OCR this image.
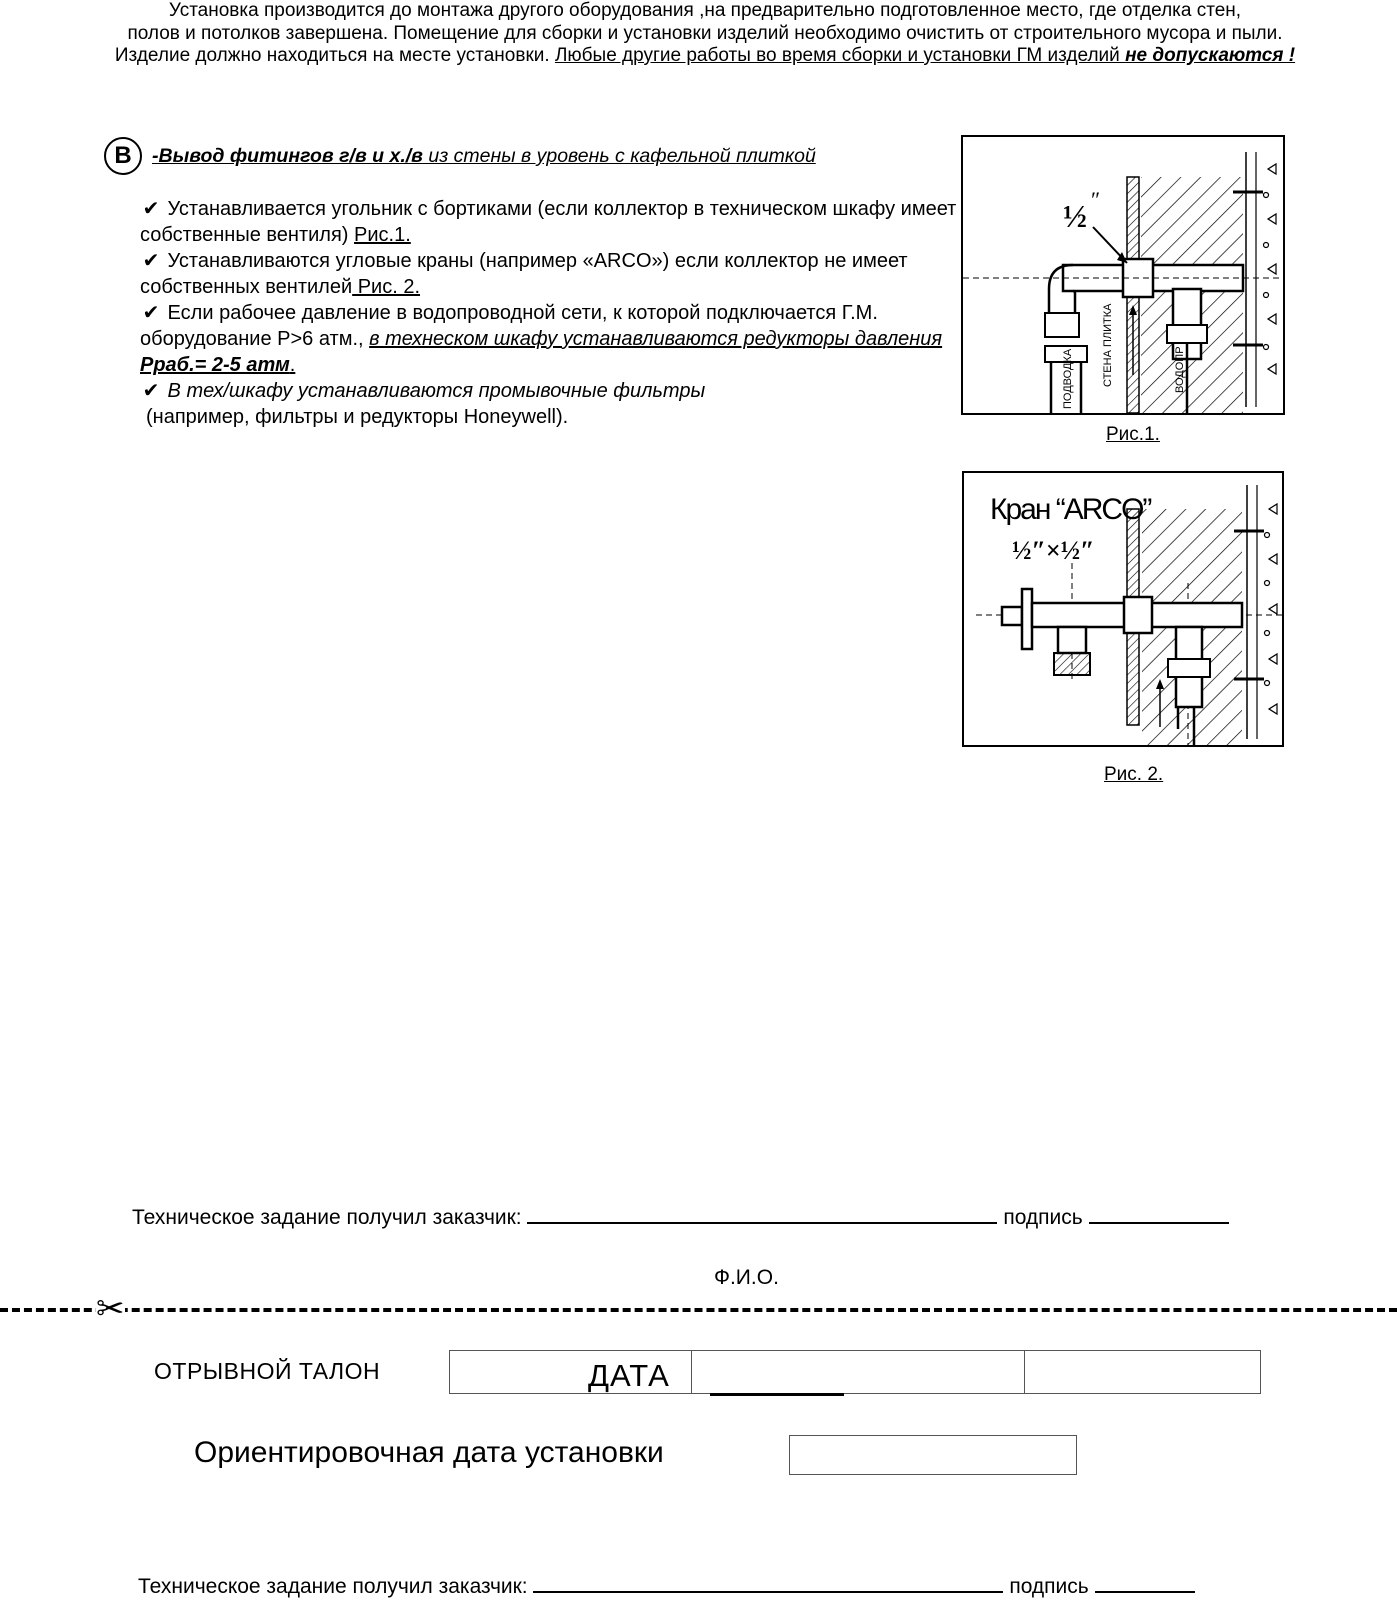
Установка производится до монтажа другого оборудования ,на предварительно подготовленное место, где отделка стен,
полов и потолков завершена. Помещение для сборки и установки изделий необходимо очистить от строительного мусора и пыли.
Изделие должно находиться на месте установки. Любые другие работы во время сборки и установки ГМ изделий не допускаются !
B	-Вывод фитингов г/в и х./в из стены в уровень с кафельной плиткой
✔ Устанавливается угольник с бортиками (если коллектор в техническом шкафу имеет собственные вентиля) Рис.1.
✔ Устанавливаются угловые краны (например «ARCO») если коллектор не имеет собственных вентилей Рис. 2.
✔ Если рабочее давление в водопроводной сети, к которой подключается Г.М. оборудование Р>6 атм., в технеском шкафу устанавливаются редукторы давления Рраб.= 2-5 атм.
✔ В тех/шкафу устанавливаются промывочные фильтры
(например, фильтры и редукторы Honeywell).
½ ″
ПОДВОДКА	СТЕНА ПЛИТКА	ВОДОПР
Рис.1.
Кран “ARCO”
½″×½″
Рис. 2.
Техническое задание получил заказчик:	подпись
Ф.И.О.
✂
ОТРЫВНОЙ ТАЛОН	ДАТА
Ориентировочная дата установки
Техническое задание получил заказчик:	подпись
